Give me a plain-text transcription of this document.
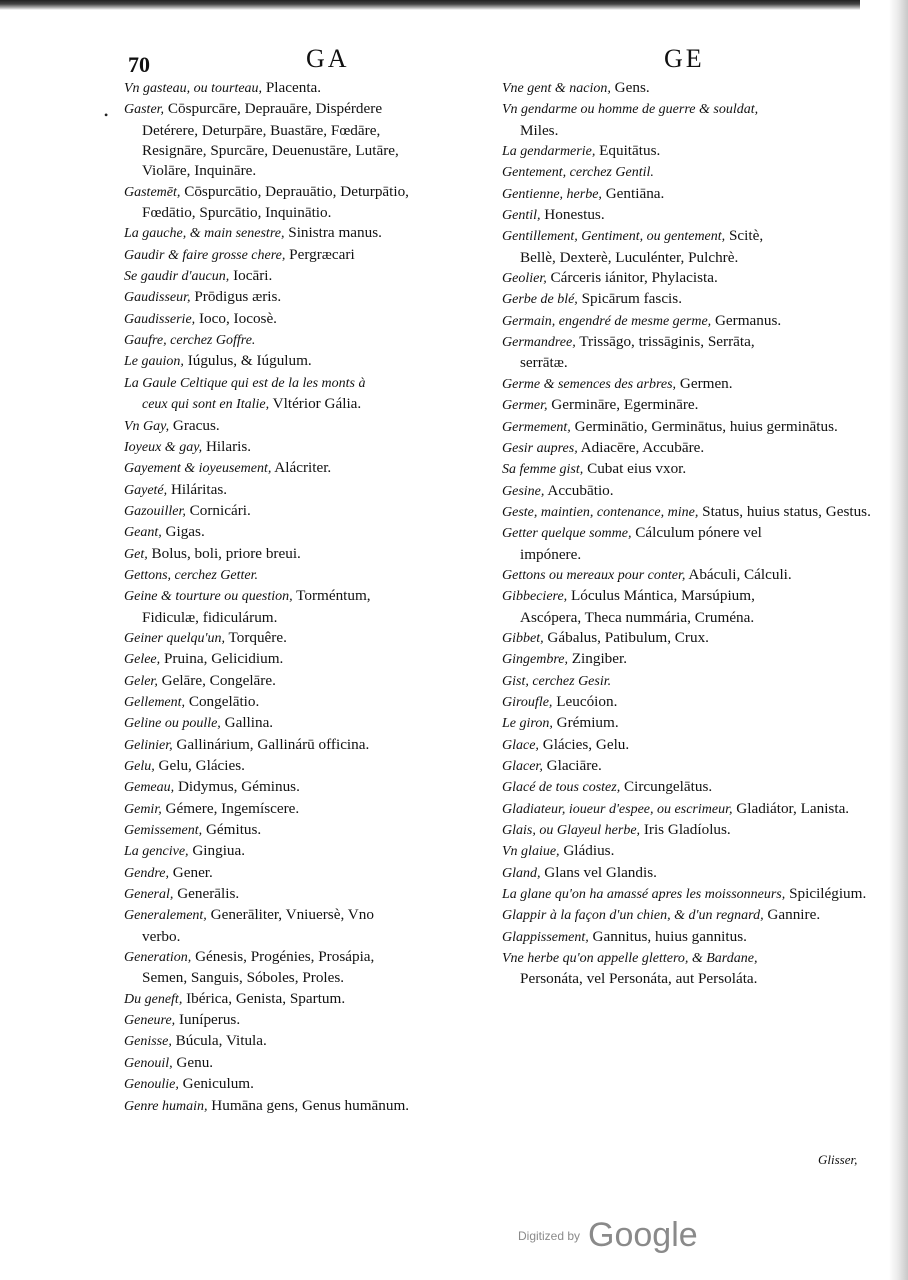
70	GA	GE
•
Vn gasteau, ou tourteau, Placenta.
Gaster, Cōspurcāre, Deprauāre, Dispérdere
Detérere, Deturpāre, Buastāre, Fœdāre,
Resignāre, Spurcāre, Deuenustāre, Lutāre,
Violāre, Inquināre.
Gastemēt, Cōspurcātio, Deprauātio, Deturpātio,
Fœdātio, Spurcātio, Inquinātio.
La gauche, & main senestre, Sinistra manus.
Gaudir & faire grosse chere, Pergræcari
Se gaudir d'aucun, Iocāri.
Gaudisseur, Prōdigus æris.
Gaudisserie, Ioco, Iocosè.
Gaufre, cerchez Goffre.
Le gauion, Iúgulus, & Iúgulum.
La Gaule Celtique qui est de la les monts à
ceux qui sont en Italie, Vltérior Gália.
Vn Gay, Gracus.
Ioyeux & gay, Hilaris.
Gayement & ioyeusement, Alácriter.
Gayeté, Hiláritas.
Gazouiller, Cornicári.
Geant, Gigas.
Get, Bolus, boli, priore breui.
Gettons, cerchez Getter.
Geine & tourture ou question, Torméntum,
Fidiculæ, fidiculárum.
Geiner quelqu'un, Torquêre.
Gelee, Pruina, Gelicidium.
Geler, Gelāre, Congelāre.
Gellement, Congelātio.
Geline ou poulle, Gallina.
Gelinier, Gallinárium, Gallinárū officina.
Gelu, Gelu, Glácies.
Gemeau, Didymus, Géminus.
Gemir, Gémere, Ingemíscere.
Gemissement, Gémitus.
La gencive, Gingiua.
Gendre, Gener.
General, Generālis.
Generalement, Generāliter, Vniuersè, Vno
verbo.
Generation, Génesis, Progénies, Prosápia,
Semen, Sanguis, Sóboles, Proles.
Du geneft, Ibérica, Genista, Spartum.
Geneure, Iuníperus.
Genisse, Búcula, Vitula.
Genouil, Genu.
Genoulie, Geniculum.
Genre humain, Humāna gens, Genus humānum.
Vne gent & nacion, Gens.
Vn gendarme ou homme de guerre & souldat,
Miles.
La gendarmerie, Equitātus.
Gentement, cerchez Gentil.
Gentienne, herbe, Gentiāna.
Gentil, Honestus.
Gentillement, Gentiment, ou gentement, Scitè,
Bellè, Dexterè, Luculénter, Pulchrè.
Geolier, Cárceris iánitor, Phylacista.
Gerbe de blé, Spicārum fascis.
Germain, engendré de mesme germe, Germanus.
Germandree, Trissāgo, trissāginis, Serrāta,
serrātæ.
Germe & semences des arbres, Germen.
Germer, Germināre, Egermināre.
Germement, Germinātio, Germinātus, huius germinātus.
Gesir aupres, Adiacēre, Accubāre.
Sa femme gist, Cubat eius vxor.
Gesine, Accubātio.
Geste, maintien, contenance, mine, Status, huius status, Gestus.
Getter quelque somme, Cálculum pónere vel
impónere.
Gettons ou mereaux pour conter, Abáculi, Cálculi.
Gibbeciere, Lóculus Mántica, Marsúpium,
Ascópera, Theca nummária, Cruména.
Gibbet, Gábalus, Patibulum, Crux.
Gingembre, Zingiber.
Gist, cerchez Gesir.
Giroufle, Leucóion.
Le giron, Grémium.
Glace, Glácies, Gelu.
Glacer, Glaciāre.
Glacé de tous costez, Circungelātus.
Gladiateur, ioueur d'espee, ou escrimeur, Gladiátor, Lanista.
Glais, ou Glayeul herbe, Iris Gladíolus.
Vn glaiue, Gládius.
Gland, Glans vel Glandis.
La glane qu'on ha amassé apres les moissonneurs, Spicilégium.
Glappir à la façon d'un chien, & d'un regnard, Gannire.
Glappissement, Gannitus, huius gannitus.
Vne herbe qu'on appelle glettero, & Bardane,
Personáta, vel Personáta, aut Persoláta.
Glisser,
$^{Digitized by}$ Google
